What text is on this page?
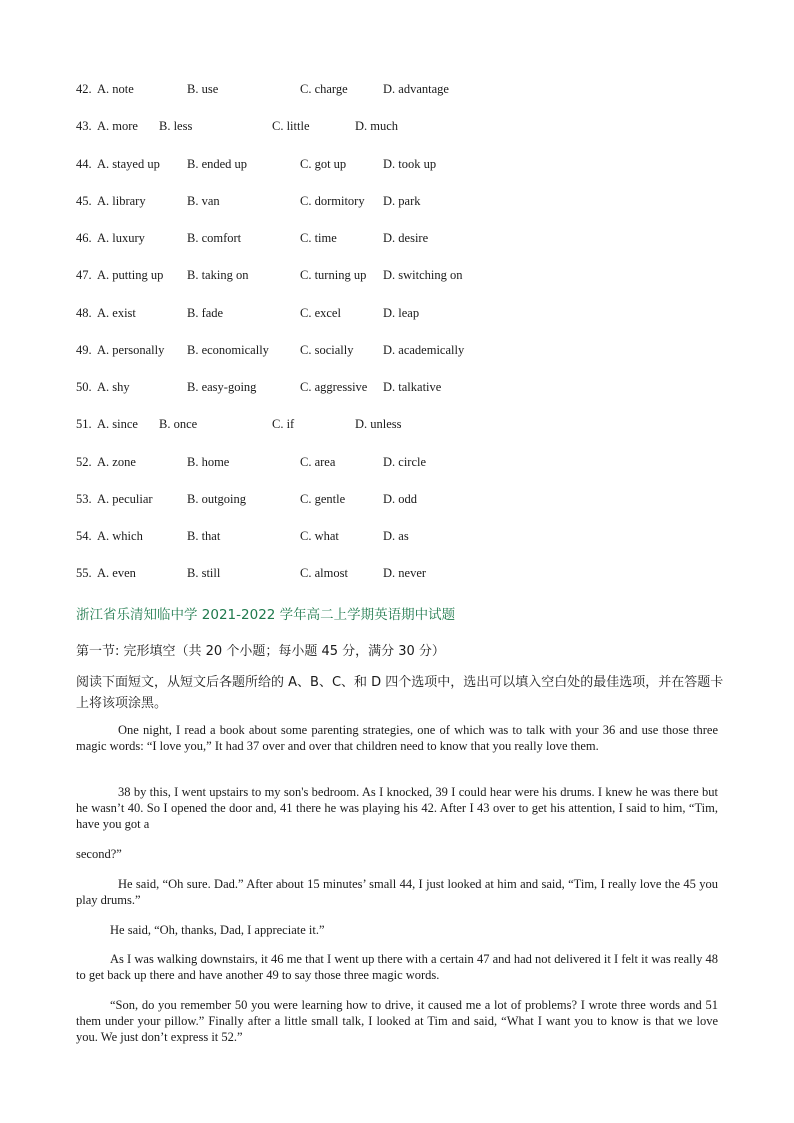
42. A. note	B. use	C. charge	D. advantage
43. A. more B. less	C. little	D. much
44. A. stayed up B. ended up	C. got up	D. took up
45. A. library	B. van	C. dormitory D. park
46. A. luxury	B. comfort	C. time	D. desire
47. A. putting up B. taking on	C. turning up D. switching on
48. A. exist	B. fade	C. excel	D. leap
49. A. personally B. economically C. socially D. academically
50. A. shy	B. easy-going	C. aggressive D. talkative
51. A. since B. once	C. if	D. unless
52. A. zone	B. home	C. area	D. circle
53. A. peculiar	B. outgoing	C. gentle	D. odd
54. A. which	B. that	C. what	D. as
55. A. even	B. still	C. almost	D. never
浙江省乐清知临中学 2021-2022 学年高二上学期英语期中试题
第一节: 完形填空（共 20 个小题；每小题 45 分，满分 30 分）
阅读下面短文，从短文后各题所给的 A、B、C、和 D 四个选项中，选出可以填入空白处的最佳选项，并在答题卡上将该项涂黑。
One night, I read a book about some parenting strategies, one of which was to talk with your 36 and use those three magic words: “I love you,” It had 37 over and over that children need to know that you really love them.
38 by this, I went upstairs to my son's bedroom. As I knocked, 39 I could hear were his drums. I knew he was there but he wasn’t 40. So I opened the door and, 41 there he was playing his 42. After I 43 over to get his attention, I said to him, “Tim, have you got a
second?”
He said, “Oh sure. Dad.” After about 15 minutes’ small 44, I just looked at him and said, “Tim, I really love the 45 you play drums.”
He said, “Oh, thanks, Dad, I appreciate it.”
As I was walking downstairs, it 46 me that I went up there with a certain 47 and had not delivered it I felt it was really 48 to get back up there and have another 49 to say those three magic words.
“Son, do you remember 50 you were learning how to drive, it caused me a lot of problems? I wrote three words and 51 them under your pillow.” Finally after a little small talk, I looked at Tim and said, “What I want you to know is that we love you. We just don’t express it 52.”
